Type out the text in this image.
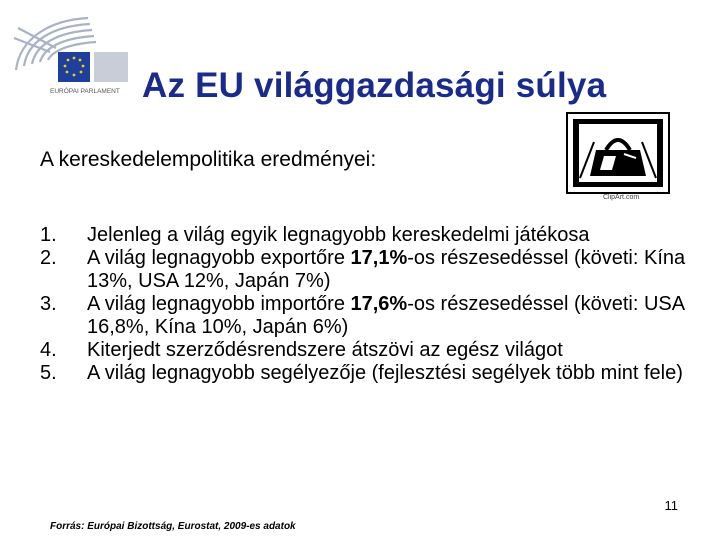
EURÓPAI PARLAMENT Az EU világgazdasági súlya
A kereskedelempolitika eredményei:
ClipArt.com
1. Jelenleg a világ egyik legnagyobb kereskedelmi játékosa
2. A világ legnagyobb exportőre 17,1%-os részesedéssel (követi: Kína 13%, USA 12%, Japán 7%)
3. A világ legnagyobb importőre 17,6%-os részesedéssel (követi: USA 16,8%, Kína 10%, Japán 6%)
4. Kiterjedt szerződésrendszere átszövi az egész világot
5. A világ legnagyobb segélyezője (fejlesztési segélyek több mint fele)
11
Forrás: Európai Bizottság, Eurostat, 2009-es adatok
